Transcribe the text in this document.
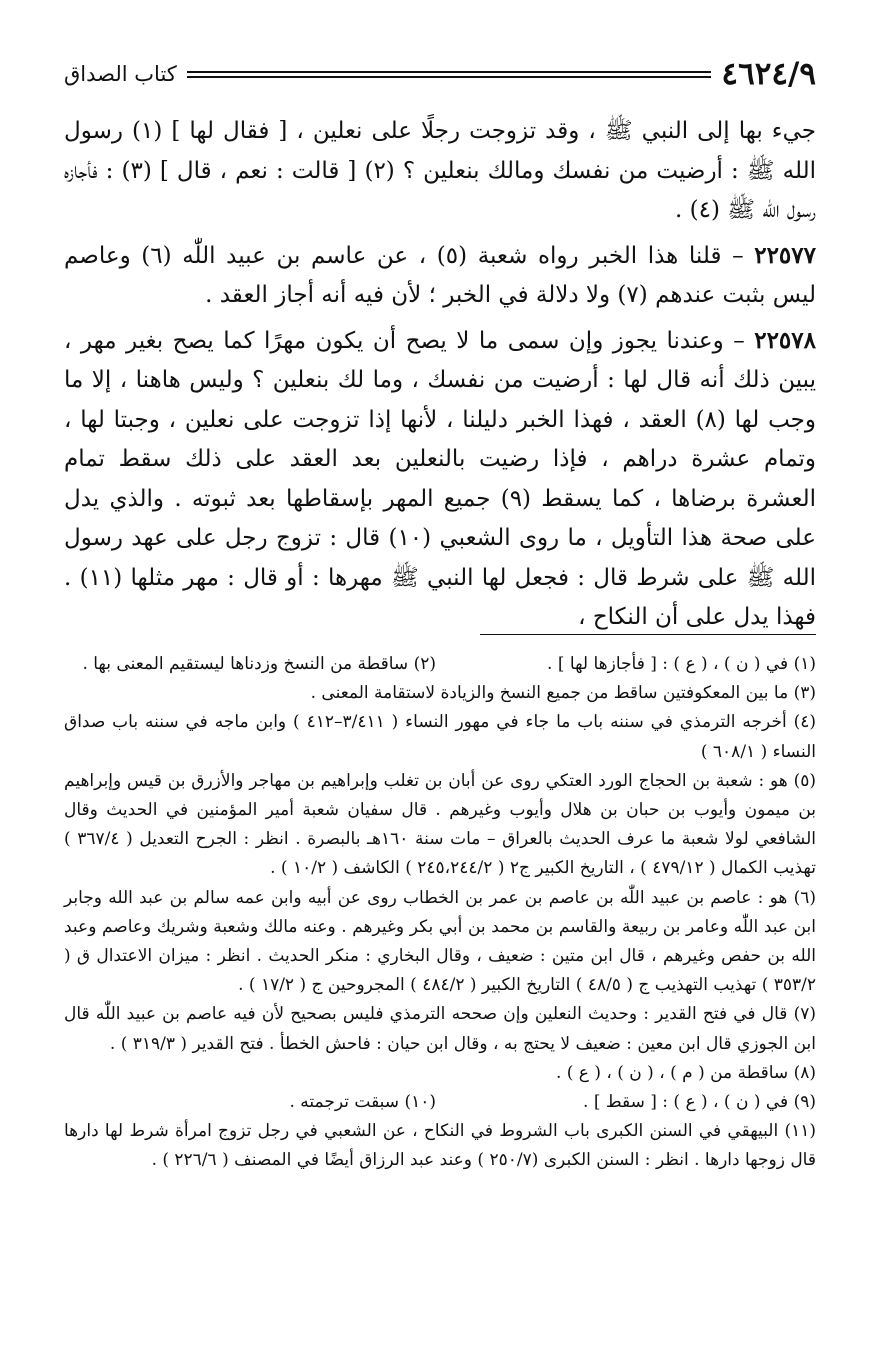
٤٦٢٤/٩
كتاب الصداق

جيء بها إلى النبي ﷺ ، وقد تزوجت رجلًا على نعلين ، [ فقال لها ] (١) رسول الله ﷺ : أرضيت من نفسك ومالك بنعلين ؟ (٢) [ قالت : نعم ، قال ] (٣) : فأجازه رسول الله ﷺ (٤) .

٢٢٥٧٧ – قلنا هذا الخبر رواه شعبة (٥) ، عن عاسم بن عبيد اللّٰه (٦) وعاصم ليس بثبت عندهم (٧) ولا دلالة في الخبر ؛ لأن فيه أنه أجاز العقد .

٢٢٥٧٨ – وعندنا يجوز وإن سمى ما لا يصح أن يكون مهرًا كما يصح بغير مهر ، يبين ذلك أنه قال لها : أرضيت من نفسك ، وما لك بنعلين ؟ وليس هاهنا ، إلا ما وجب لها (٨) العقد ، فهذا الخبر دليلنا ، لأنها إذا تزوجت على نعلين ، وجبتا لها ، وتمام عشرة دراهم ، فإذا رضيت بالنعلين بعد العقد على ذلك سقط تمام العشرة برضاها ، كما يسقط (٩) جميع المهر بإسقاطها بعد ثبوته . والذي يدل على صحة هذا التأويل ، ما روى الشعبي (١٠) قال : تزوج رجل على عهد رسول الله ﷺ على شرط قال : فجعل لها النبي ﷺ مهرها : أو قال : مهر مثلها (١١) . فهذا يدل على أن النكاح ،

(١) في ( ن ) ، ( ع ) : [ فأجازها لها ] .
(٢) ساقطة من النسخ وزدناها ليستقيم المعنى بها .
(٣) ما بين المعكوفتين ساقط من جميع النسخ والزيادة لاستقامة المعنى .
(٤) أخرجه الترمذي في سننه باب ما جاء في مهور النساء ( ٣/٤١١–٤١٢ ) وابن ماجه في سننه باب صداق النساء ( ٦٠٨/١ )
(٥) هو : شعبة بن الحجاج الورد العتكي روى عن أبان بن تغلب وإبراهيم بن مهاجر والأزرق بن قيس وإبراهيم بن ميمون وأيوب بن حبان بن هلال وأيوب وغيرهم . قال سفيان شعبة أمير المؤمنين في الحديث وقال الشافعي لولا شعبة ما عرف الحديث بالعراق – مات سنة ١٦٠هـ بالبصرة . انظر : الجرح التعديل ( ٣٦٧/٤ ) تهذيب الكمال ( ٤٧٩/١٢ ) ، التاريخ الكبير ج٢ ( ٢٤٥،٢٤٤/٢ ) الكاشف ( ١٠/٢ ) .
(٦) هو : عاصم بن عبيد اللّٰه بن عاصم بن عمر بن الخطاب روى عن أبيه وابن عمه سالم بن عبد الله وجابر ابن عبد اللّٰه وعامر بن ربيعة والقاسم بن محمد بن أبي بكر وغيرهم . وعنه مالك وشعبة وشريك وعاصم وعبد الله بن حفص وغيرهم ، قال ابن متين : ضعيف ، وقال البخاري : منكر الحديث . انظر : ميزان الاعتدال ق ( ٣٥٣/٢ ) تهذيب التهذيب ج ( ٤٨/٥ ) التاريخ الكبير ( ٤٨٤/٢ ) المجروحين ج ( ١٧/٢ ) .
(٧) قال في فتح القدير : وحديث النعلين وإن صححه الترمذي فليس بصحيح لأن فيه عاصم بن عبيد اللّٰه قال ابن الجوزي قال ابن معين : ضعيف لا يحتج به ، وقال ابن حيان : فاحش الخطأ . فتح القدير ( ٣١٩/٣ ) .
(٨) ساقطة من ( م ) ، ( ن ) ، ( ع ) .
(٩) في ( ن ) ، ( ع ) : [ سقط ] .
(١٠) سبقت ترجمته .
(١١) البيهقي في السنن الكبرى باب الشروط في النكاح ، عن الشعبي في رجل تزوج امرأة شرط لها دارها قال زوجها دارها . انظر : السنن الكبرى (٢٥٠/٧ ) وعند عبد الرزاق أيضًا في المصنف ( ٢٢٦/٦ ) .
